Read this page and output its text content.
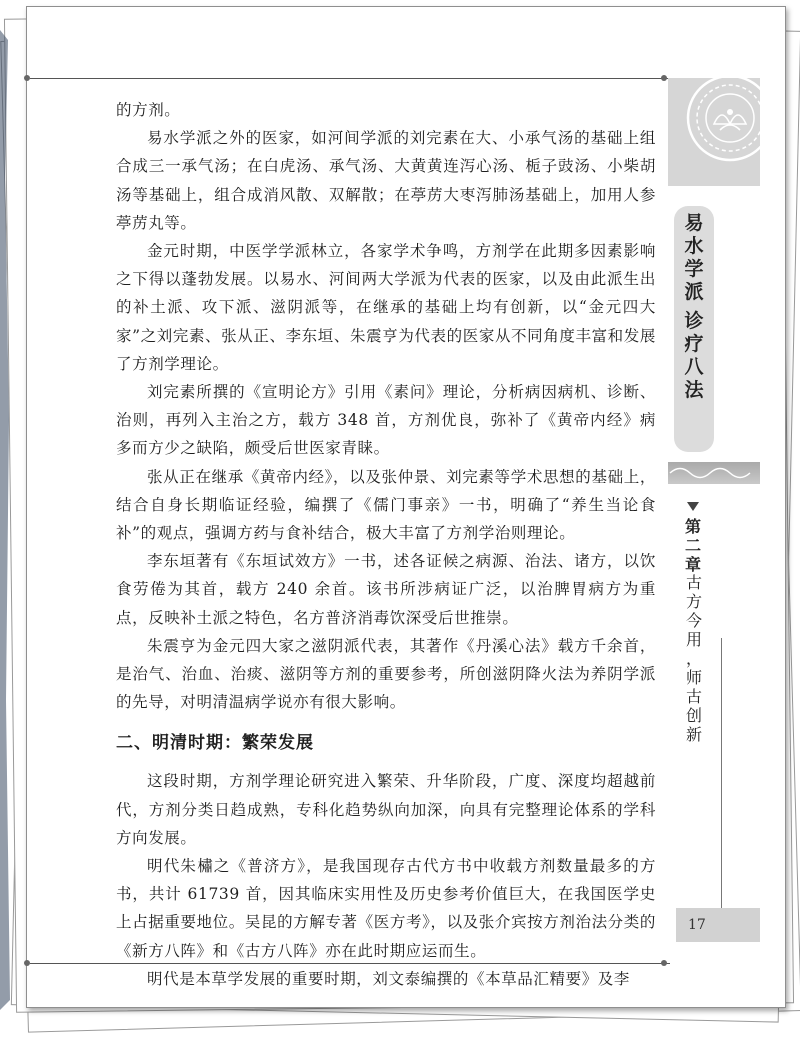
的方剂。

易水学派之外的医家，如河间学派的刘完素在大、小承气汤的基础上组合成三一承气汤；在白虎汤、承气汤、大黄黄连泻心汤、栀子豉汤、小柴胡汤等基础上，组合成消风散、双解散；在葶苈大枣泻肺汤基础上，加用人参葶苈丸等。

金元时期，中医学学派林立，各家学术争鸣，方剂学在此期多因素影响之下得以蓬勃发展。以易水、河间两大学派为代表的医家，以及由此派生出的补土派、攻下派、滋阴派等，在继承的基础上均有创新，以“金元四大家”之刘完素、张从正、李东垣、朱震亨为代表的医家从不同角度丰富和发展了方剂学理论。

刘完素所撰的《宣明论方》引用《素问》理论，分析病因病机、诊断、治则，再列入主治之方，载方 348 首，方剂优良，弥补了《黄帝内经》病多而方少之缺陷，颇受后世医家青睐。

张从正在继承《黄帝内经》，以及张仲景、刘完素等学术思想的基础上，结合自身长期临证经验，编撰了《儒门事亲》一书，明确了“养生当论食补”的观点，强调方药与食补结合，极大丰富了方剂学治则理论。

李东垣著有《东垣试效方》一书，述各证候之病源、治法、诸方，以饮食劳倦为其首，载方 240 余首。该书所涉病证广泛，以治脾胃病方为重点，反映补土派之特色，名方普济消毒饮深受后世推崇。

朱震亨为金元四大家之滋阴派代表，其著作《丹溪心法》载方千余首，是治气、治血、治痰、滋阴等方剂的重要参考，所创滋阴降火法为养阴学派的先导，对明清温病学说亦有很大影响。

二、明清时期：繁荣发展

这段时期，方剂学理论研究进入繁荣、升华阶段，广度、深度均超越前代，方剂分类日趋成熟，专科化趋势纵向加深，向具有完整理论体系的学科方向发展。

明代朱橚之《普济方》，是我国现存古代方书中收载方剂数量最多的方书，共计 61739 首，因其临床实用性及历史参考价值巨大，在我国医学史上占据重要地位。吴昆的方解专著《医方考》，以及张介宾按方剂治法分类的《新方八阵》和《古方八阵》亦在此时期应运而生。

明代是本草学发展的重要时期，刘文泰编撰的《本草品汇精要》及李

易
水
学
派
诊
疗
八
法

第
二
章
古
方
今
用
，
师
古
创
新
17
